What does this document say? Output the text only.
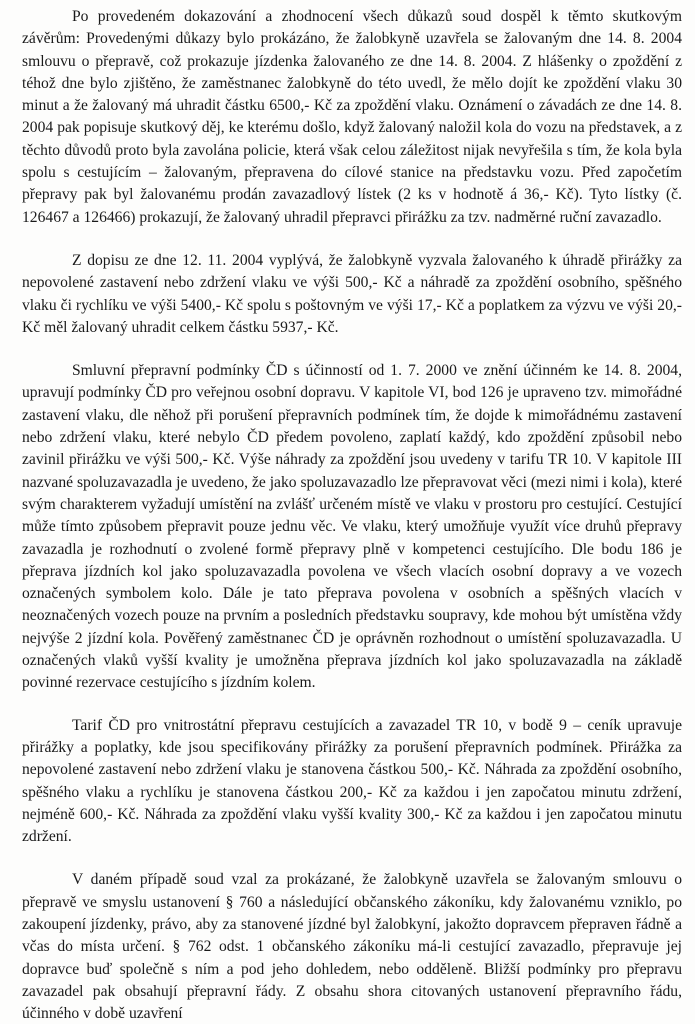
Po provedeném dokazování a zhodnocení všech důkazů soud dospěl k těmto skutkovým závěrům: Provedenými důkazy bylo prokázáno, že žalobkyně uzavřela se žalovaným dne 14. 8. 2004 smlouvu o přepravě, což prokazuje jízdenka žalovaného ze dne 14. 8. 2004. Z hlášenky o zpoždění z téhož dne bylo zjištěno, že zaměstnanec žalobkyně do této uvedl, že mělo dojít ke zpoždění vlaku 30 minut a že žalovaný má uhradit částku 6500,- Kč za zpoždění vlaku. Oznámení o závadách ze dne 14. 8. 2004 pak popisuje skutkový děj, ke kterému došlo, když žalovaný naložil kola do vozu na představek, a z těchto důvodů proto byla zavolána policie, která však celou záležitost nijak nevyřešila s tím, že kola byla spolu s cestujícím – žalovaným, přepravena do cílové stanice na představku vozu. Před započetím přepravy pak byl žalovanému prodán zavazadlový lístek (2 ks v hodnotě á 36,- Kč). Tyto lístky (č. 126467 a 126466) prokazují, že žalovaný uhradil přepravci přirážku za tzv. nadměrné ruční zavazadlo.

Z dopisu ze dne 12. 11. 2004 vyplývá, že žalobkyně vyzvala žalovaného k úhradě přirážky za nepovolené zastavení nebo zdržení vlaku ve výši 500,- Kč a náhradě za zpoždění osobního, spěšného vlaku či rychlíku ve výši 5400,- Kč spolu s poštovným ve výši 17,- Kč a poplatkem za výzvu ve výši 20,- Kč měl žalovaný uhradit celkem částku 5937,- Kč.

Smluvní přepravní podmínky ČD s účinností od 1. 7. 2000 ve znění účinném ke 14. 8. 2004, upravují podmínky ČD pro veřejnou osobní dopravu. V kapitole VI, bod 126 je upraveno tzv. mimořádné zastavení vlaku, dle něhož při porušení přepravních podmínek tím, že dojde k mimořádnému zastavení nebo zdržení vlaku, které nebylo ČD předem povoleno, zaplatí každý, kdo zpoždění způsobil nebo zavinil přirážku ve výši 500,- Kč. Výše náhrady za zpoždění jsou uvedeny v tarifu TR 10. V kapitole III nazvané spoluzavazadla je uvedeno, že jako spoluzavazadlo lze přepravovat věci (mezi nimi i kola), které svým charakterem vyžadují umístění na zvlášť určeném místě ve vlaku v prostoru pro cestující. Cestující může tímto způsobem přepravit pouze jednu věc. Ve vlaku, který umožňuje využít více druhů přepravy zavazadla je rozhodnutí o zvolené formě přepravy plně v kompetenci cestujícího. Dle bodu 186 je přeprava jízdních kol jako spoluzavazadla povolena ve všech vlacích osobní dopravy a ve vozech označených symbolem kolo. Dále je tato přeprava povolena v osobních a spěšných vlacích v neoznačených vozech pouze na prvním a posledních představku soupravy, kde mohou být umístěna vždy nejvýše 2 jízdní kola. Pověřený zaměstnanec ČD je oprávněn rozhodnout o umístění spoluzavazadla. U označených vlaků vyšší kvality je umožněna přeprava jízdních kol jako spoluzavazadla na základě povinné rezervace cestujícího s jízdním kolem.

Tarif ČD pro vnitrostátní přepravu cestujících a zavazadel TR 10, v bodě 9 – ceník upravuje přirážky a poplatky, kde jsou specifikovány přirážky za porušení přepravních podmínek. Přirážka za nepovolené zastavení nebo zdržení vlaku je stanovena částkou 500,- Kč. Náhrada za zpoždění osobního, spěšného vlaku a rychlíku je stanovena částkou 200,- Kč za každou i jen započatou minutu zdržení, nejméně 600,- Kč. Náhrada za zpoždění vlaku vyšší kvality 300,- Kč za každou i jen započatou minutu zdržení.

V daném případě soud vzal za prokázané, že žalobkyně uzavřela se žalovaným smlouvu o přepravě ve smyslu ustanovení § 760 a následující občanského zákoníku, kdy žalovanému vzniklo, po zakoupení jízdenky, právo, aby za stanovené jízdné byl žalobkyní, jakožto dopravcem přepraven řádně a včas do místa určení. § 762 odst. 1 občanského zákoníku má-li cestující zavazadlo, přepravuje jej dopravce buď společně s ním a pod jeho dohledem, nebo odděleně. Bližší podmínky pro přepravu zavazadel pak obsahují přepravní řády. Z obsahu shora citovaných ustanovení přepravního řádu, účinného v době uzavření
